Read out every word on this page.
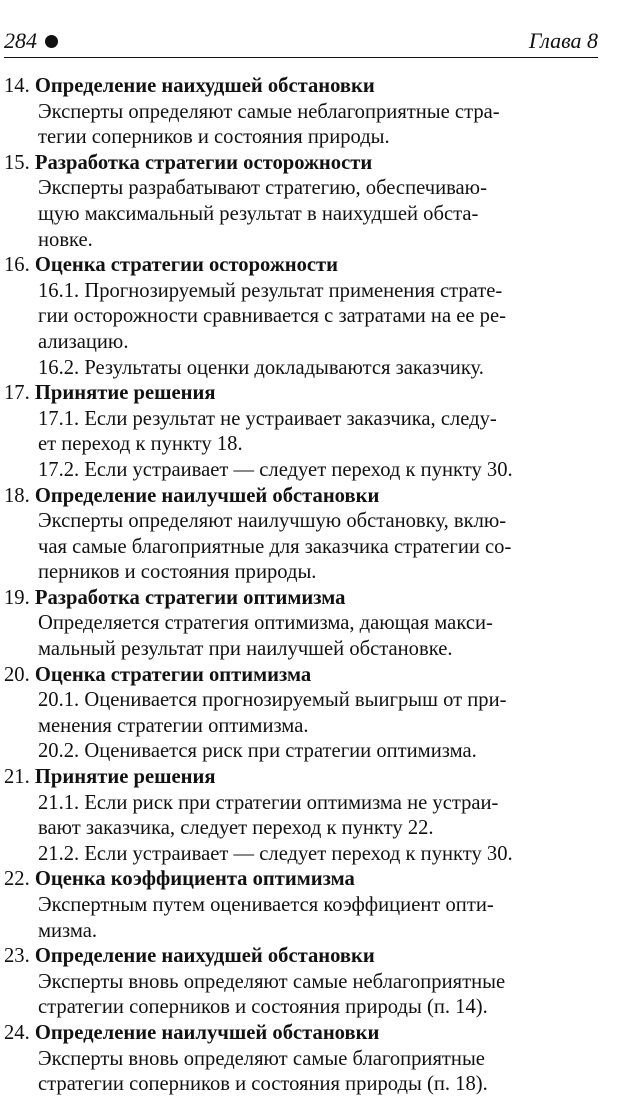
284	Глава 8
14. Определение наихудшей обстановки
Эксперты определяют самые неблагоприятные стра-
тегии соперников и состояния природы.
15. Разработка стратегии осторожности
Эксперты разрабатывают стратегию, обеспечиваю-
щую максимальный результат в наихудшей обста-
новке.
16. Оценка стратегии осторожности
16.1. Прогнозируемый результат применения страте-
гии осторожности сравнивается с затратами на ее ре-
ализацию.
16.2. Результаты оценки докладываются заказчику.
17. Принятие решения
17.1. Если результат не устраивает заказчика, следу-
ет переход к пункту 18.
17.2. Если устраивает — следует переход к пункту 30.
18. Определение наилучшей обстановки
Эксперты определяют наилучшую обстановку, вклю-
чая самые благоприятные для заказчика стратегии со-
перников и состояния природы.
19. Разработка стратегии оптимизма
Определяется стратегия оптимизма, дающая макси-
мальный результат при наилучшей обстановке.
20. Оценка стратегии оптимизма
20.1. Оценивается прогнозируемый выигрыш от при-
менения стратегии оптимизма.
20.2. Оценивается риск при стратегии оптимизма.
21. Принятие решения
21.1. Если риск при стратегии оптимизма не устраи-
вают заказчика, следует переход к пункту 22.
21.2. Если устраивает — следует переход к пункту 30.
22. Оценка коэффициента оптимизма
Экспертным путем оценивается коэффициент опти-
мизма.
23. Определение наихудшей обстановки
Эксперты вновь определяют самые неблагоприятные
стратегии соперников и состояния природы (п. 14).
24. Определение наилучшей обстановки
Эксперты вновь определяют самые благоприятные
стратегии соперников и состояния природы (п. 18).
